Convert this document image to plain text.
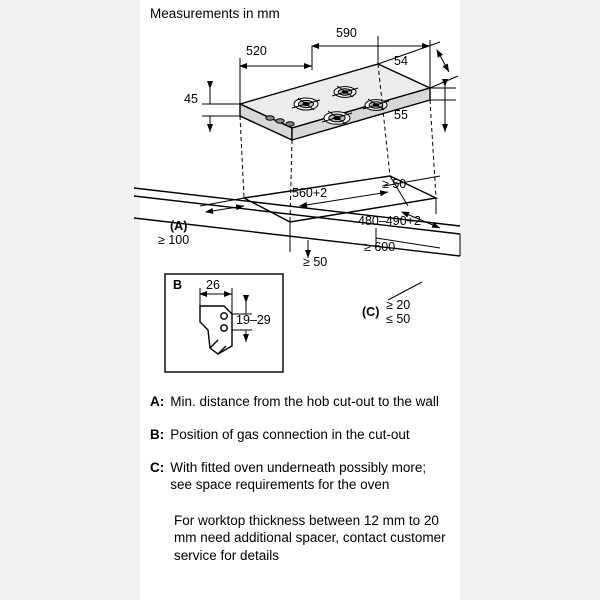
Measurements in mm
590
520
54
55
45
560+2
480–490+2
≥ 50
≥ 50
≥ 600
(A)
≥ 100
(C) ≥ 20
≤ 50
B 26
19–29
A: Min. distance from the hob cut-out to the wall
B: Position of gas connection in the cut-out
C: With fitted oven underneath possibly more; see space requirements for the oven
For worktop thickness between 12 mm to 20 mm need additional spacer, contact customer service for details
